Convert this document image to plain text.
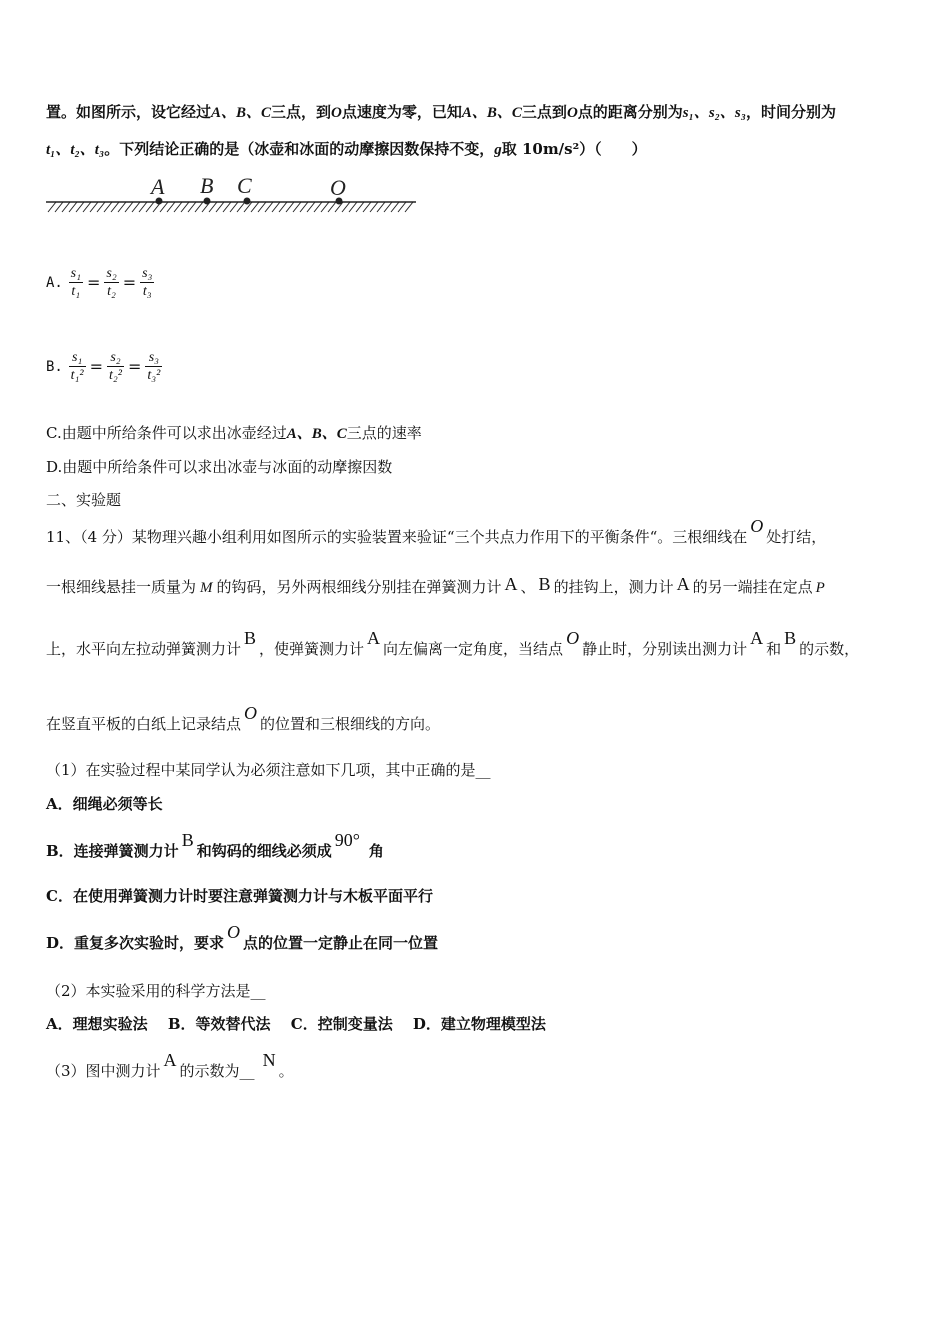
置。如图所示，设它经过A、B、C三点，到O点速度为零，已知A、B、C三点到O点的距离分别为s₁、s₂、s₃，时间分别为
t₁、t₂、t₃。下列结论正确的是（冰壶和冰面的动摩擦因数保持不变，g取 10m/s²）（　　）
A B C	O
A. $\frac{\text{s₁}}{\text{t₁}} = \frac{\text{s₂}}{\text{t₂}} = \frac{\text{s₃}}{\text{t₃}}$
B. $\frac{\text{s₁}}{\text{t₁²}} = \frac{\text{s₂}}{\text{t₂²}} = \frac{\text{s₃}}{\text{t₃²}}$
C.由题中所给条件可以求出冰壶经过A、B、C三点的速率
D.由题中所给条件可以求出冰壶与冰面的动摩擦因数
二、实验题
11、（4 分）某物理兴趣小组利用如图所示的实验装置来验证“三个共点力作用下的平衡条件“。三根细线在O处打结，
一根细线悬挂一质量为 M 的钩码，另外两根细线分别挂在弹簧测力计 A 、 B 的挂钩上，测力计 A 的另一端挂在定点 P
上，水平向左拉动弹簧测力计B，使弹簧测力计A向左偏离一定角度，当结点O静止时，分别读出测力计A和B的示数，
在竖直平板的白纸上记录结点O的位置和三根细线的方向。
（1）在实验过程中某同学认为必须注意如下几项，其中正确的是__
A．细绳必须等长
B．连接弹簧测力计B和钩码的细线必须成90°角
C．在使用弹簧测力计时要注意弹簧测力计与木板平面平行
D．重复多次实验时，要求O点的位置一定静止在同一位置
（2）本实验采用的科学方法是__
A．理想实验法　 B．等效替代法　 C．控制变量法　 D．建立物理模型法
（3）图中测力计A的示数为__N。
